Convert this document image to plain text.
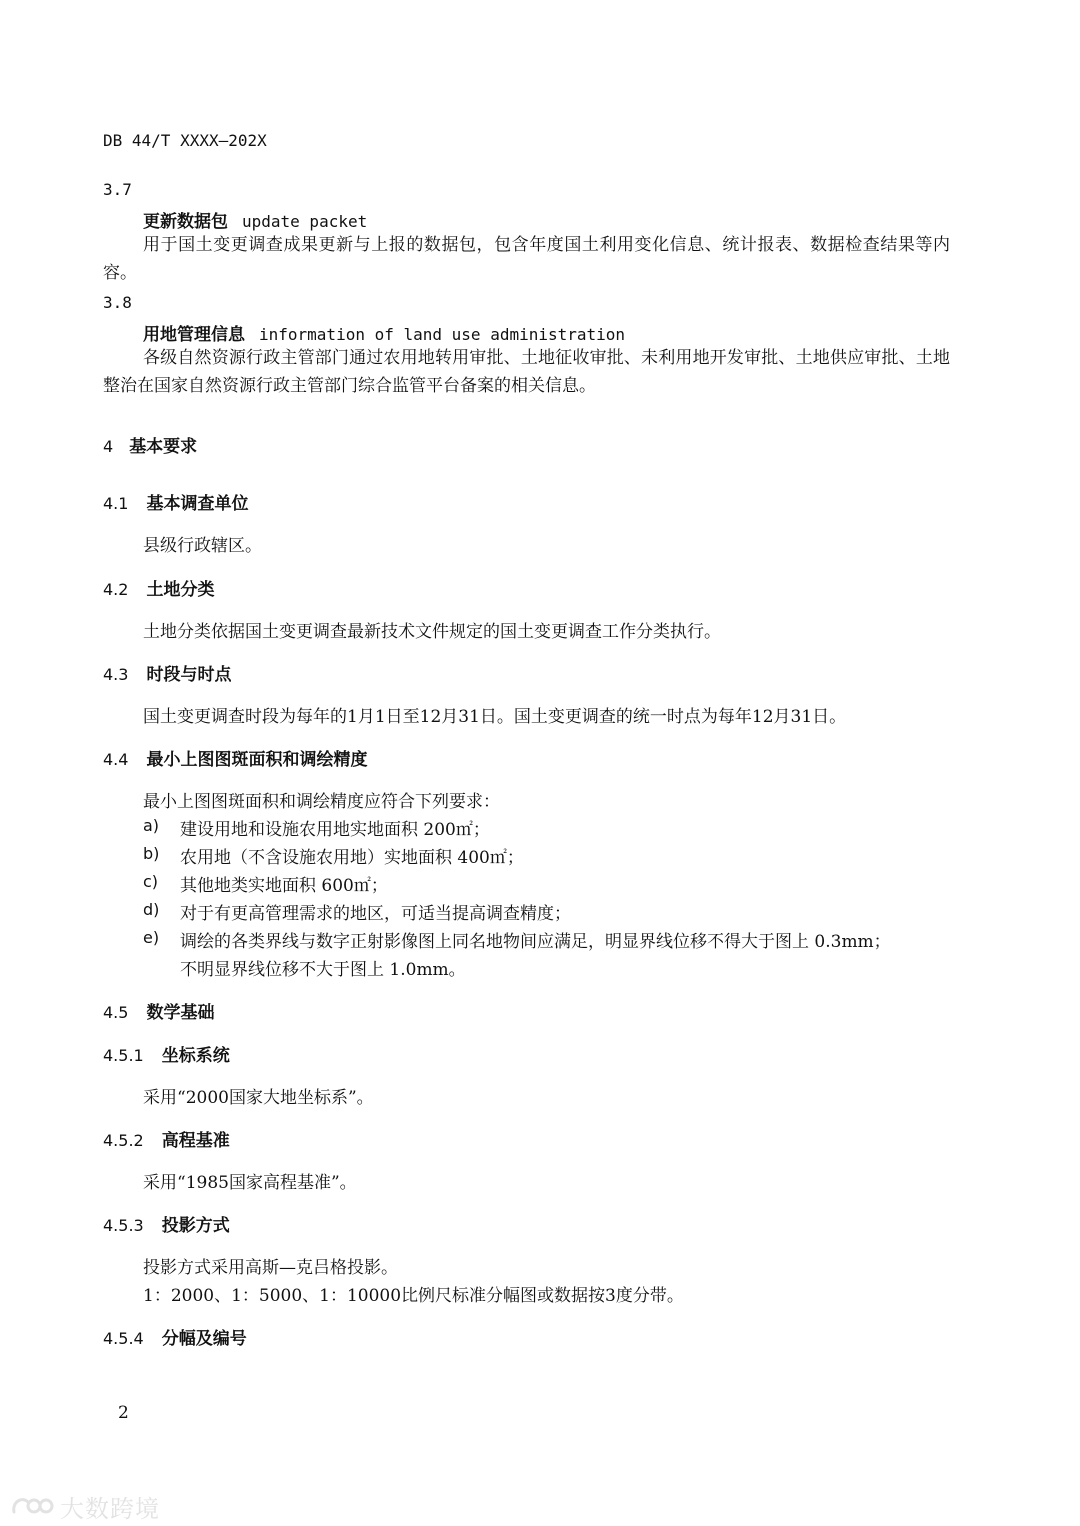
DB 44/T XXXX—202X
3.7
更新数据包 update packet
用于国土变更调查成果更新与上报的数据包，包含年度国土利用变化信息、统计报表、数据检查结果等内容。
3.8
用地管理信息 information of land use administration
各级自然资源行政主管部门通过农用地转用审批、土地征收审批、未利用地开发审批、土地供应审批、土地整治在国家自然资源行政主管部门综合监管平台备案的相关信息。
4 基本要求
4.1 基本调查单位
县级行政辖区。
4.2 土地分类
土地分类依据国土变更调查最新技术文件规定的国土变更调查工作分类执行。
4.3 时段与时点
国土变更调查时段为每年的1月1日至12月31日。国土变更调查的统一时点为每年12月31日。
4.4 最小上图图斑面积和调绘精度
最小上图图斑面积和调绘精度应符合下列要求：
a) 建设用地和设施农用地实地面积 200㎡；
b) 农用地（不含设施农用地）实地面积 400㎡；
c) 其他地类实地面积 600㎡；
d) 对于有更高管理需求的地区，可适当提高调查精度；
e) 调绘的各类界线与数字正射影像图上同名地物间应满足，明显界线位移不得大于图上 0.3mm；
不明显界线位移不大于图上 1.0mm。
4.5 数学基础
4.5.1 坐标系统
采用“2000国家大地坐标系”。
4.5.2 高程基准
采用“1985国家高程基准”。
4.5.3 投影方式
投影方式采用高斯—克吕格投影。
1：2000、1：5000、1：10000比例尺标准分幅图或数据按3度分带。
4.5.4 分幅及编号
2
大数跨境
